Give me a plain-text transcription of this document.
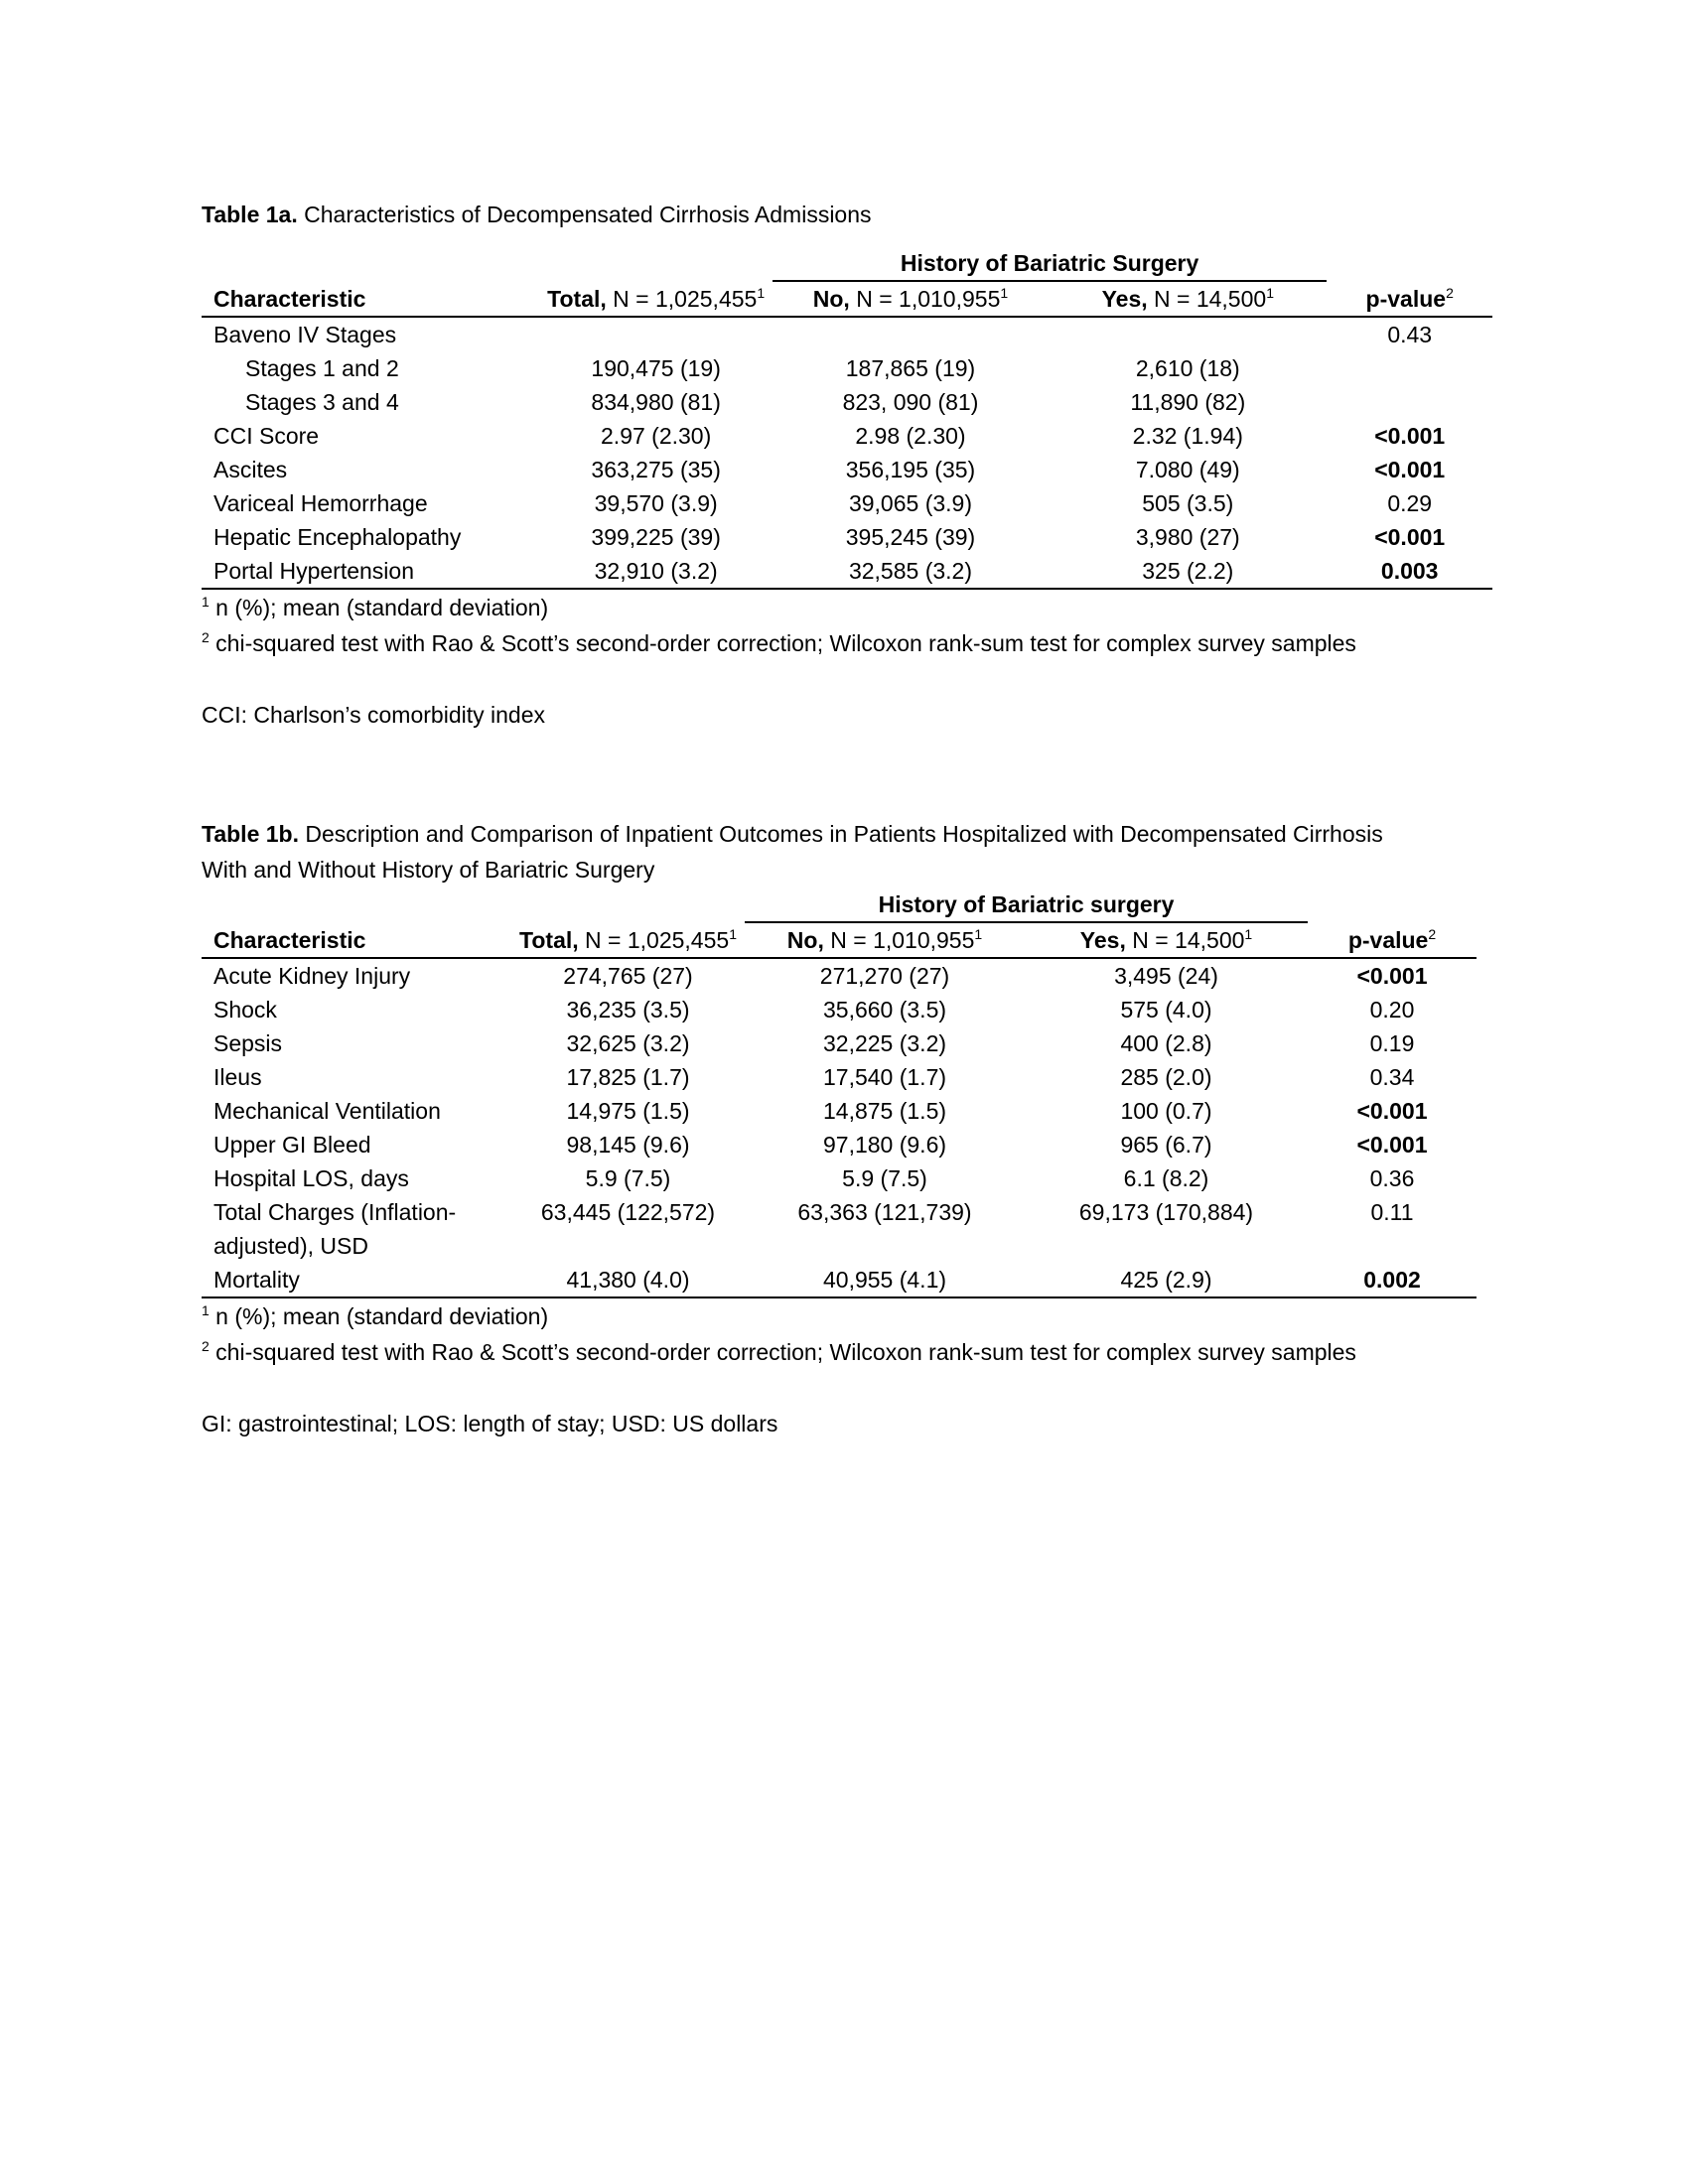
Table 1a. Characteristics of Decompensated Cirrhosis Admissions

		History of Bariatric Surgery		
Characteristic	Total, $N = 1,025,455^1$	No, $N = 1,010,955^1$	Yes, $N = 14,500^1$	p-value$^2$
Baveno IV Stages				0.43
Stages 1 and 2	190,475 (19)	187,865 (19)	2,610 (18)	
Stages 3 and 4	834,980 (81)	823, 090 (81)	11,890 (82)	
CCI Score	2.97 (2.30)	2.98 (2.30)	2.32 (1.94)	<0.001
Ascites	363,275 (35)	356,195 (35)	7.080 (49)	<0.001
Variceal Hemorrhage	39,570 (3.9)	39,065 (3.9)	505 (3.5)	0.29
Hepatic Encephalopathy	399,225 (39)	395,245 (39)	3,980 (27)	<0.001
Portal Hypertension	32,910 (3.2)	32,585 (3.2)	325 (2.2)	0.003

$^1$ n (%); mean (standard deviation)

$^2$ chi-squared test with Rao & Scott’s second-order correction; Wilcoxon rank-sum test for complex survey samples

CCI: Charlson’s comorbidity index

Table 1b. Description and Comparison of Inpatient Outcomes in Patients Hospitalized with Decompensated Cirrhosis With and Without History of Bariatric Surgery

		History of Bariatric surgery		
Characteristic	Total, $N = 1,025,455^1$	No, $N = 1,010,955^1$	Yes, $N = 14,500^1$	p-value$^2$
Acute Kidney Injury	274,765 (27)	271,270 (27)	3,495 (24)	<0.001
Shock	36,235 (3.5)	35,660 (3.5)	575 (4.0)	0.20
Sepsis	32,625 (3.2)	32,225 (3.2)	400 (2.8)	0.19
Ileus	17,825 (1.7)	17,540 (1.7)	285 (2.0)	0.34
Mechanical Ventilation	14,975 (1.5)	14,875 (1.5)	100 (0.7)	<0.001
Upper GI Bleed	98,145 (9.6)	97,180 (9.6)	965 (6.7)	<0.001
Hospital LOS, days	5.9 (7.5)	5.9 (7.5)	6.1 (8.2)	0.36
Total Charges (Inflation-adjusted), USD	63,445 (122,572)	63,363 (121,739)	69,173 (170,884)	0.11
Mortality	41,380 (4.0)	40,955 (4.1)	425 (2.9)	0.002

$^1$ n (%); mean (standard deviation)

$^2$ chi-squared test with Rao & Scott’s second-order correction; Wilcoxon rank-sum test for complex survey samples

GI: gastrointestinal; LOS: length of stay; USD: US dollars
